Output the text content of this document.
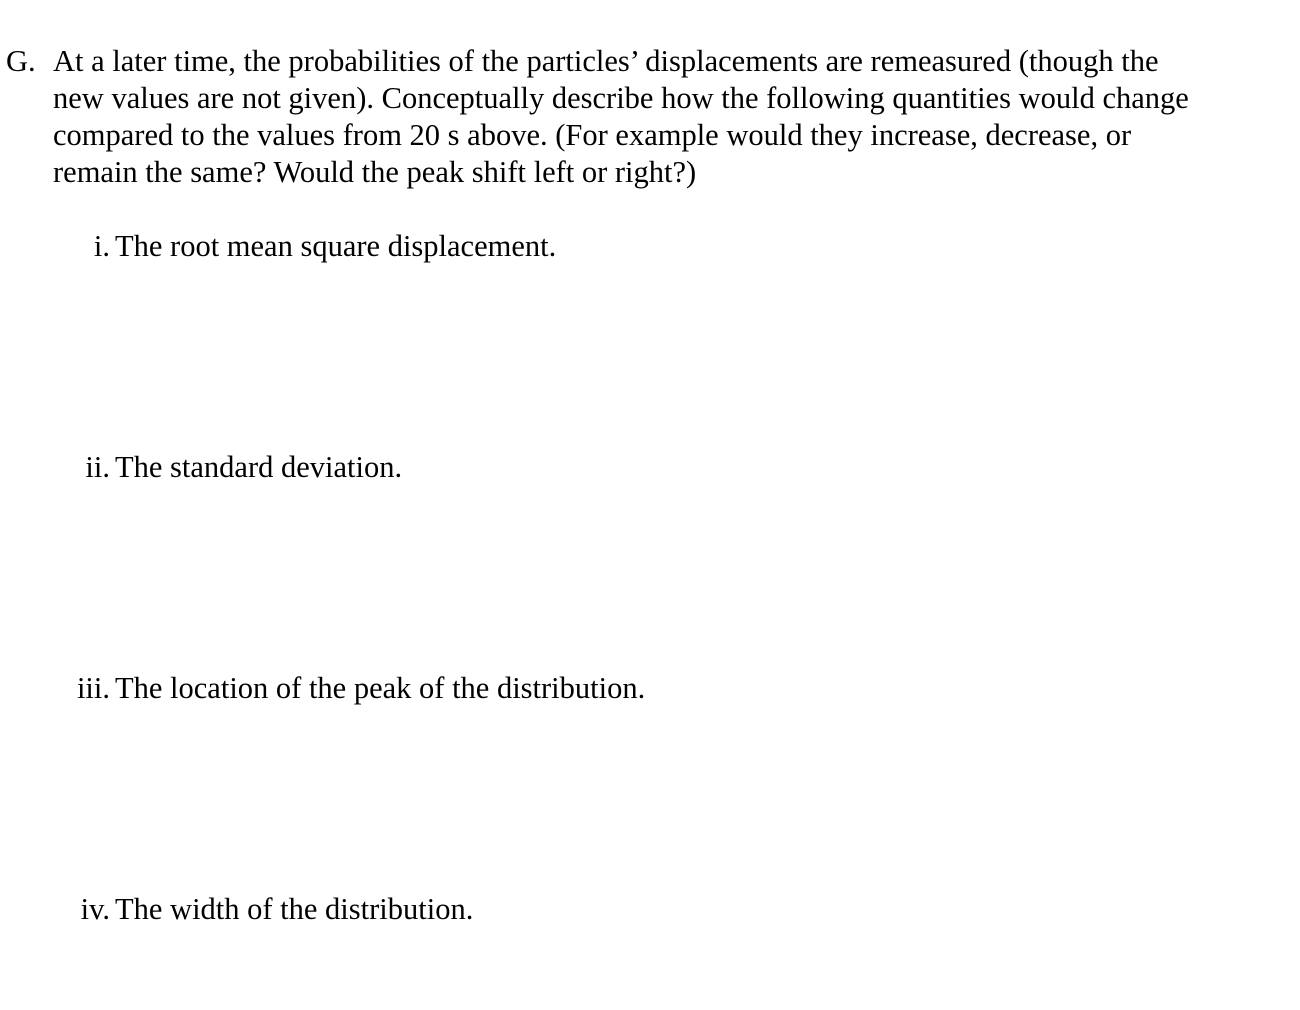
G. At a later time, the probabilities of the particles’ displacements are remeasured (though the
new values are not given). Conceptually describe how the following quantities would change
compared to the values from 20 s above. (For example would they increase, decrease, or
remain the same? Would the peak shift left or right?)
i. The root mean square displacement.
ii. The standard deviation.
iii. The location of the peak of the distribution.
iv. The width of the distribution.
